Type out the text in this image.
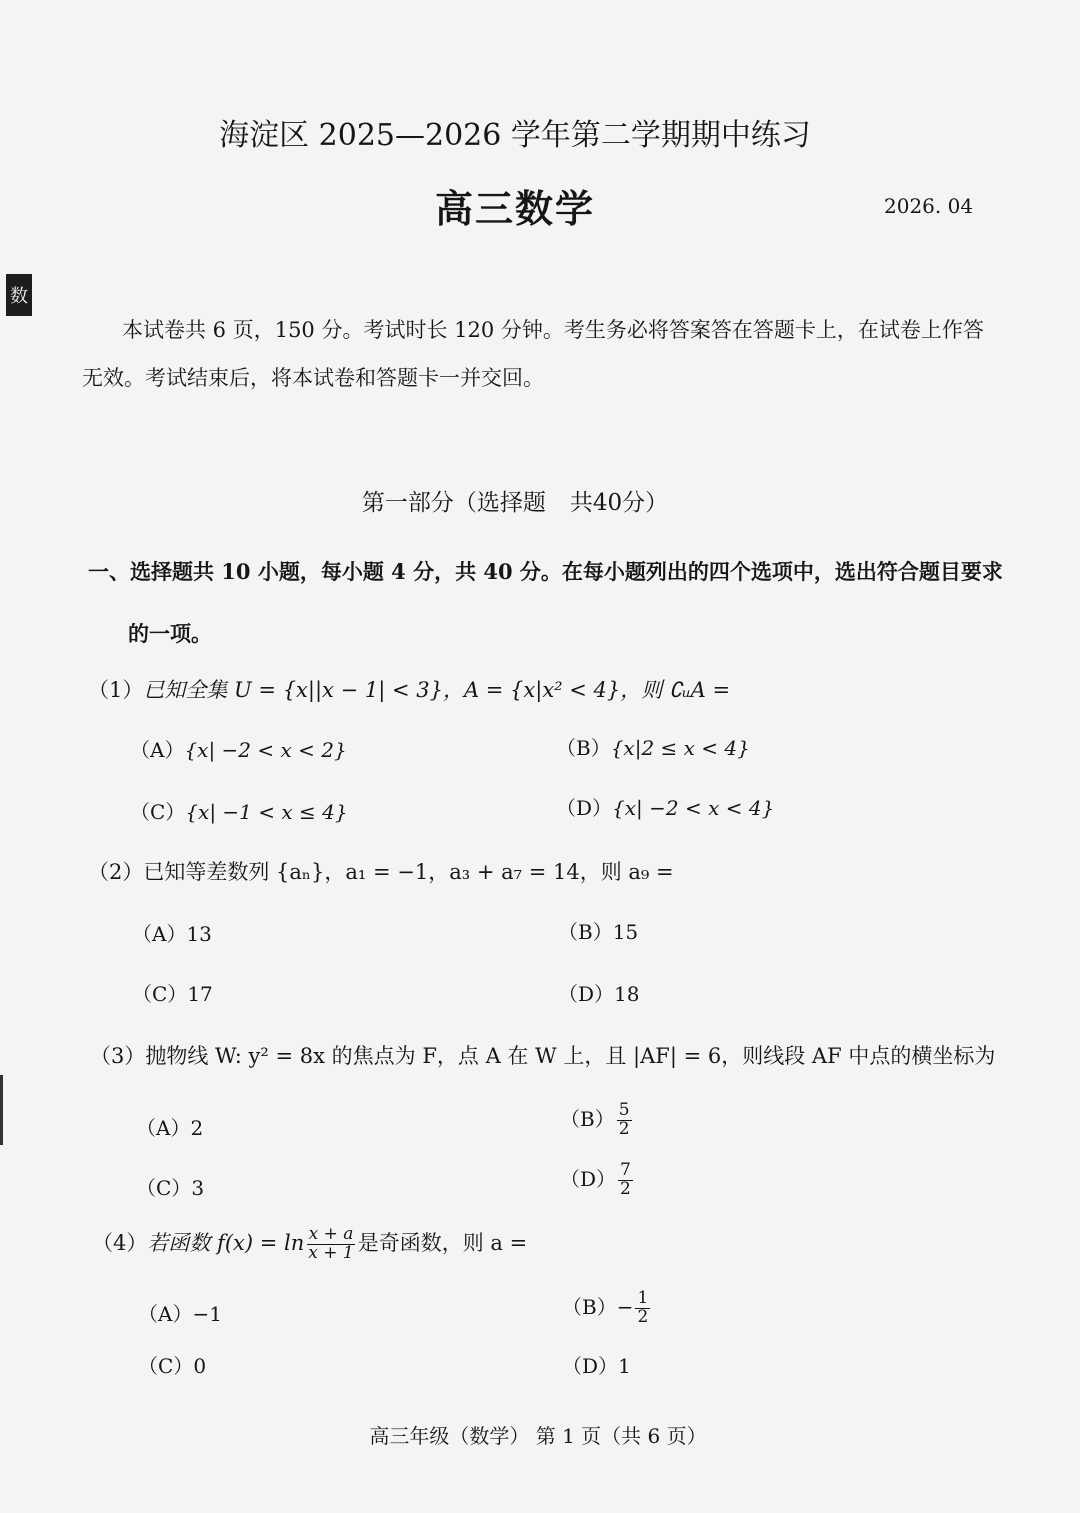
海淀区 2025—2026 学年第二学期期中练习
高三数学	2026. 04
数
本试卷共 6 页，150 分。考试时长 120 分钟。考生务必将答案答在答题卡上，在试卷上作答
无效。考试结束后，将本试卷和答题卡一并交回。
第一部分（选择题 共40分）
一、选择题共 10 小题，每小题 4 分，共 40 分。在每小题列出的四个选项中，选出符合题目要求
的一项。
（1）已知全集 U = {x||x − 1| < 3}，A = {x|x² < 4}，则 ∁ᵤA =
（A）{x| −2 < x < 2}	（B）{x|2 ≤ x < 4}
（C）{x| −1 < x ≤ 4}	（D）{x| −2 < x < 4}
（2）已知等差数列 {aₙ}，a₁ = −1，a₃ + a₇ = 14，则 a₉ =
（A）13	（B）15
（C）17	（D）18
（3）抛物线 W: y² = 8x 的焦点为 F，点 A 在 W 上，且 |AF| = 6，则线段 AF 中点的横坐标为
（A）2	$(B) \frac{5}{2}$
（C）3	$(D) \frac{7}{2}$
（4）若函数 $f(x) = \ln \frac{x + a}{x + 1}$ 是奇函数，则 a =
（A）−1	$(B)- \frac{1}{2}$
（C）0	（D）1
高三年级（数学） 第 1 页（共 6 页）
